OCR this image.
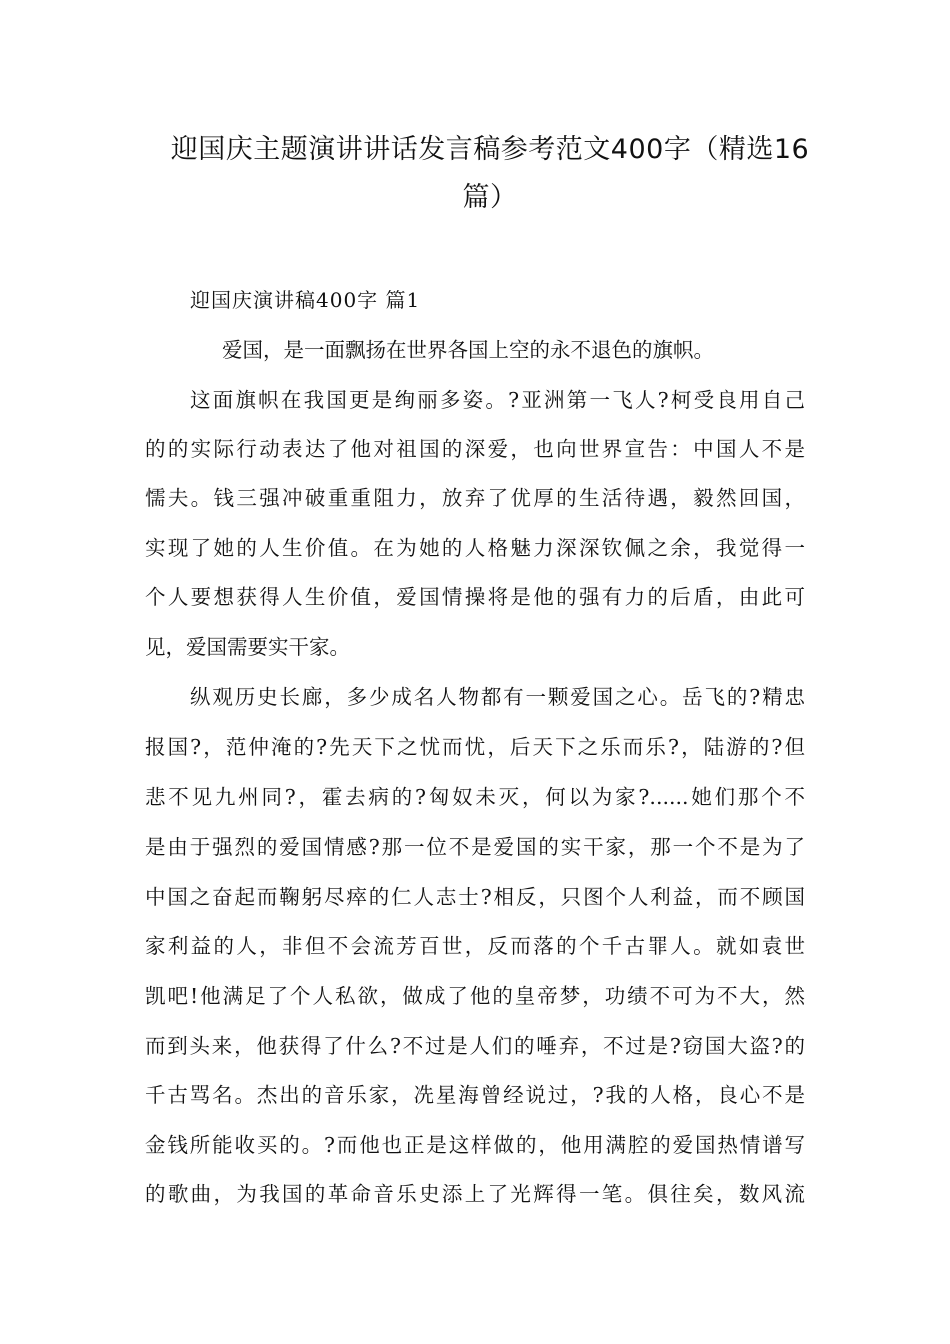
迎国庆主题演讲讲话发言稿参考范文400字（精选16
篇）
迎国庆演讲稿400字 篇1

爱国，是一面飘扬在世界各国上空的永不退色的旗帜。

这面旗帜在我国更是绚丽多姿。?亚洲第一飞人?柯受良用自己

的的实际行动表达了他对祖国的深爱，也向世界宣告：中国人不是

懦夫。钱三强冲破重重阻力，放弃了优厚的生活待遇，毅然回国，

实现了她的人生价值。在为她的人格魅力深深钦佩之余，我觉得一

个人要想获得人生价值，爱国情操将是他的强有力的后盾，由此可

见，爱国需要实干家。

纵观历史长廊，多少成名人物都有一颗爱国之心。岳飞的?精忠

报国?，范仲淹的?先天下之忧而忧，后天下之乐而乐?，陆游的?但

悲不见九州同?，霍去病的?匈奴未灭，何以为家?......她们那个不

是由于强烈的爱国情感?那一位不是爱国的实干家，那一个不是为了

中国之奋起而鞠躬尽瘁的仁人志士?相反，只图个人利益，而不顾国

家利益的人，非但不会流芳百世，反而落的个千古罪人。就如袁世

凯吧!他满足了个人私欲，做成了他的皇帝梦，功绩不可为不大，然

而到头来，他获得了什么?不过是人们的唾弃，不过是?窃国大盗?的

千古骂名。杰出的音乐家，冼星海曾经说过，?我的人格，良心不是

金钱所能收买的。?而他也正是这样做的，他用满腔的爱国热情谱写

的歌曲，为我国的革命音乐史添上了光辉得一笔。俱往矣，数风流
